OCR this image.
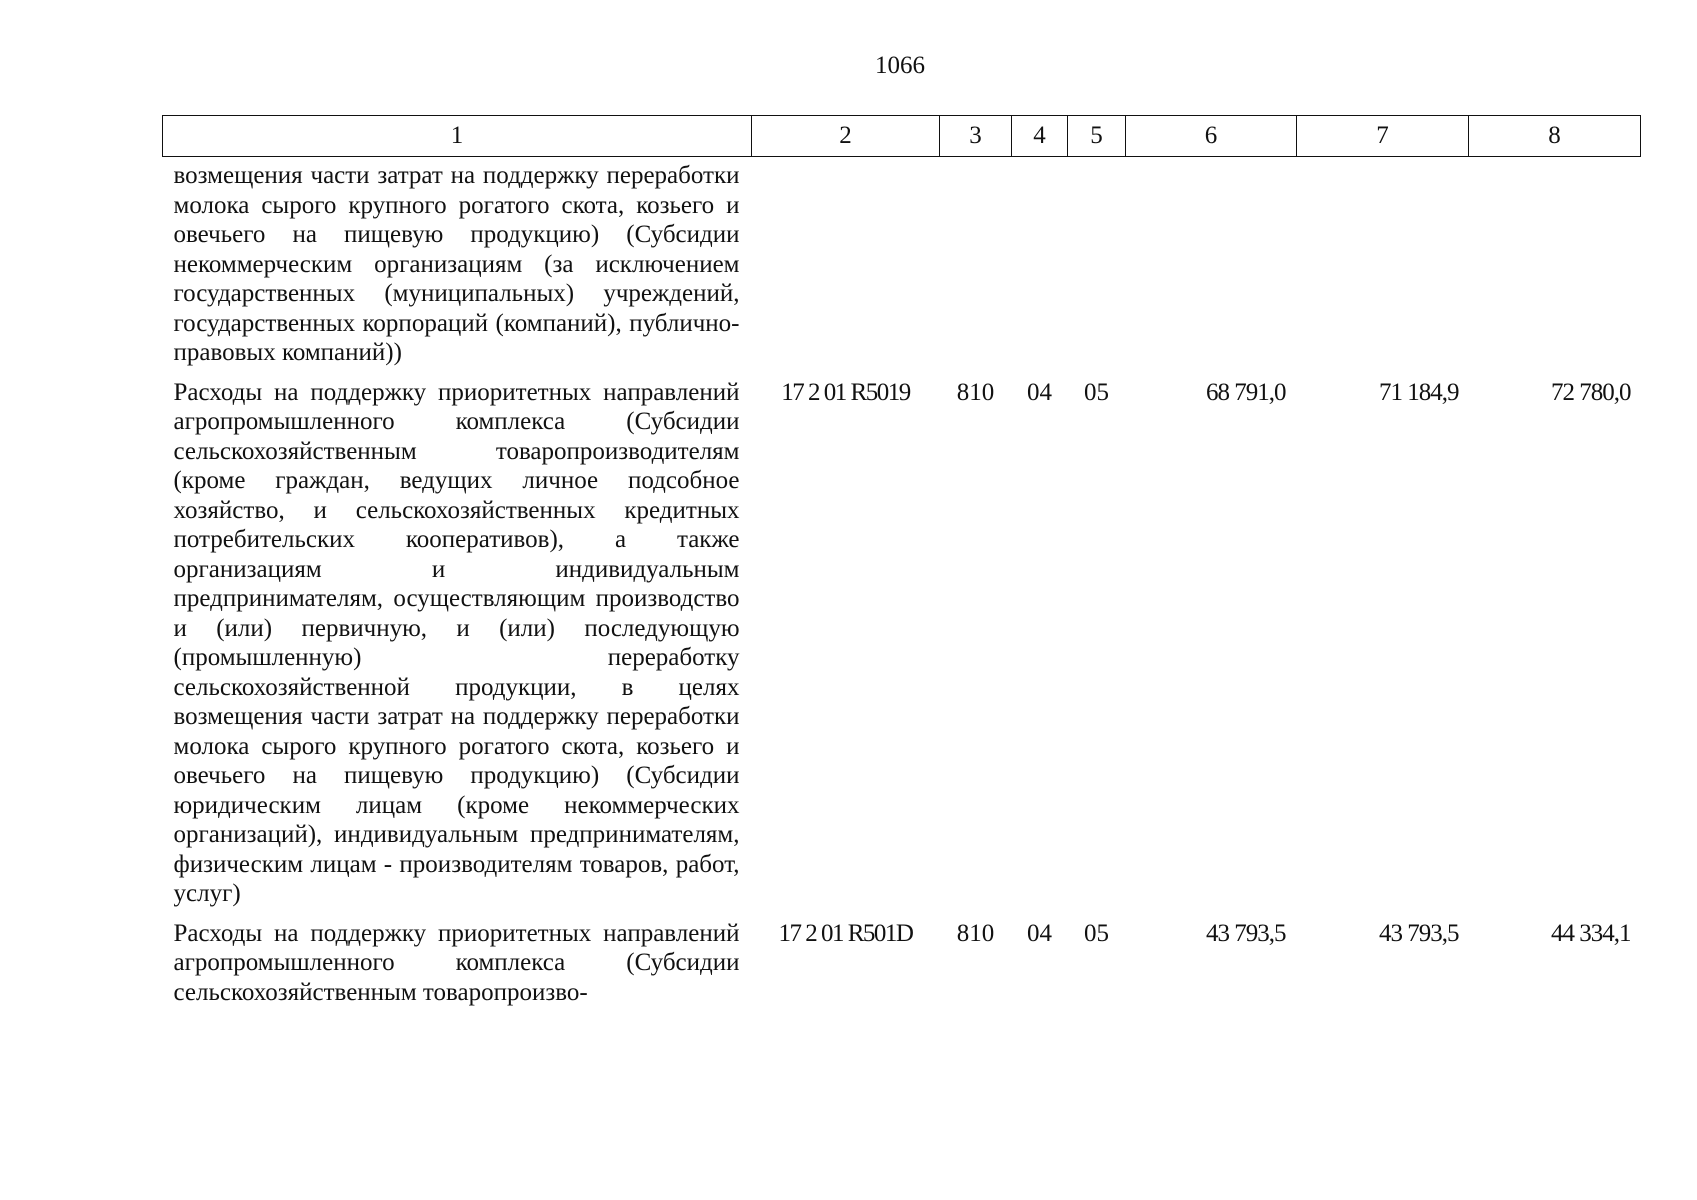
1066
1	2	3	4	5	6	7	8
возмещения части затрат на поддержку переработки молока сырого крупного рогатого скота, козьего и овечьего на пищевую продукцию) (Субсидии некоммерческим организациям (за исключением государственных (муниципальных) учреждений, государственных корпораций (компаний), публично-правовых компаний))							
Расходы на поддержку приоритетных направлений агропромышленного комплекса (Субсидии сельскохозяйственным товаропроизводителям (кроме граждан, ведущих личное подсобное хозяйство, и сельскохозяйственных кредитных потребительских кооперативов), а также организациям и индивидуальным предпринимателям, осуществляющим производство и (или) первичную, и (или) последующую (промышленную) переработку сельскохозяйственной продукции, в целях возмещения части затрат на поддержку переработки молока сырого крупного рогатого скота, козьего и овечьего на пищевую продукцию) (Субсидии юридическим лицам (кроме некоммерческих организаций), индивидуальным предпринимателям, физическим лицам - производителям товаров, работ, услуг)	17 2 01 R5019	810	04	05	68 791,0	71 184,9	72 780,0
Расходы на поддержку приоритетных направлений агропромышленного комплекса (Субсидии сельскохозяйственным товаропроизво-	17 2 01 R501D	810	04	05	43 793,5	43 793,5	44 334,1
